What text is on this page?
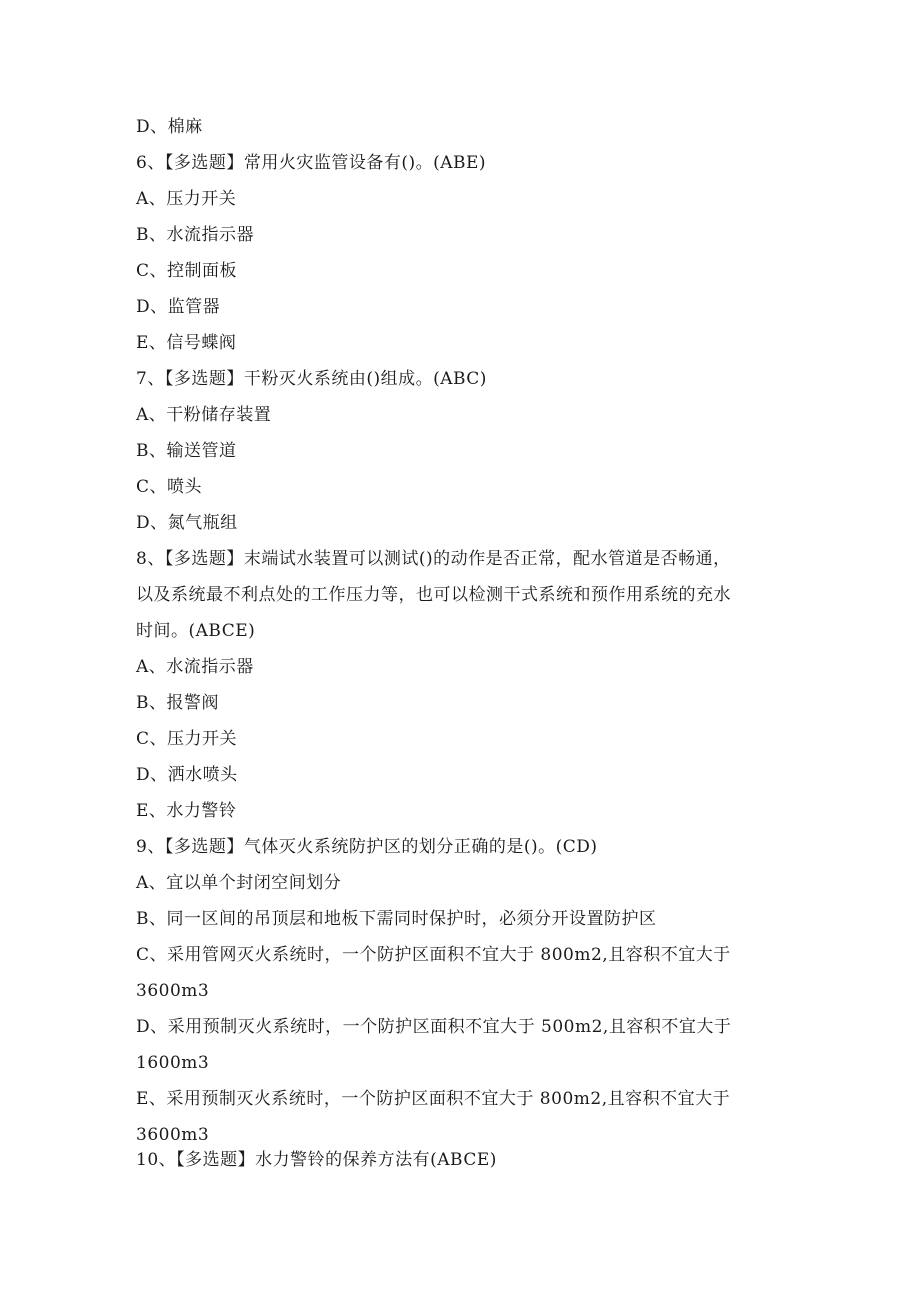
D、棉麻
6、【多选题】常用火灾监管设备有()。(ABE)
A、压力开关
B、水流指示器
C、控制面板
D、监管器
E、信号蝶阀
7、【多选题】干粉灭火系统由()组成。(ABC)
A、干粉储存装置
B、输送管道
C、喷头
D、氮气瓶组
8、【多选题】末端试水装置可以测试()的动作是否正常，配水管道是否畅通，
以及系统最不利点处的工作压力等，也可以检测干式系统和预作用系统的充水
时间。(ABCE)
A、水流指示器
B、报警阀
C、压力开关
D、洒水喷头
E、水力警铃
9、【多选题】气体灭火系统防护区的划分正确的是()。(CD)
A、宜以单个封闭空间划分
B、同一区间的吊顶层和地板下需同时保护时，必须分开设置防护区
C、采用管网灭火系统时，一个防护区面积不宜大于 800m2,且容积不宜大于
3600m3
D、采用预制灭火系统时，一个防护区面积不宜大于 500m2,且容积不宜大于
1600m3
E、采用预制灭火系统时，一个防护区面积不宜大于 800m2,且容积不宜大于
3600m3
10、【多选题】水力警铃的保养方法有(ABCE)
